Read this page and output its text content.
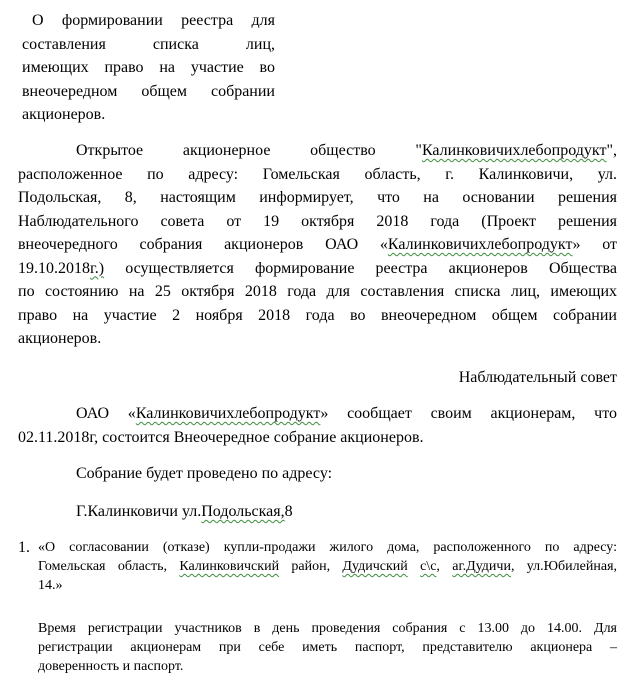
О формировании реестра для
составления списка лиц,
имеющих право на участие во
внеочередном общем собрании
акционеров.
Открытое акционерное общество "Калинковичихлебопродукт",
расположенное по адресу: Гомельская область, г. Калинковичи, ул.
Подольская, 8, настоящим информирует, что на основании решения
Наблюдательного совета от 19 октября 2018 года (Проект решения
внеочередного собрания акционеров ОАО «Калинковичихлебопродукт» от
19.10.2018г.) осуществляется формирование реестра акционеров Общества
по состоянию на 25 октября 2018 года для составления списка лиц, имеющих
право на участие 2 ноября 2018 года во внеочередном общем собрании
акционеров.
Наблюдательный совет
ОАО «Калинковичихлебопродукт» сообщает своим акционерам, что
02.11.2018г, состоится Внеочередное собрание акционеров.
Собрание будет проведено по адресу:
Г.Калинковичи ул.Подольская,8
1. «О согласовании (отказе) купли-продажи жилого дома, расположенного по адресу:
Гомельская область, Калинковичский район, Дудичский с\с, аг.Дудичи, ул.Юбилейная,
14.»
Время регистрации участников в день проведения собрания с 13.00 до 14.00. Для
регистрации акционерам при себе иметь паспорт, представителю акционера –
доверенность и паспорт.
